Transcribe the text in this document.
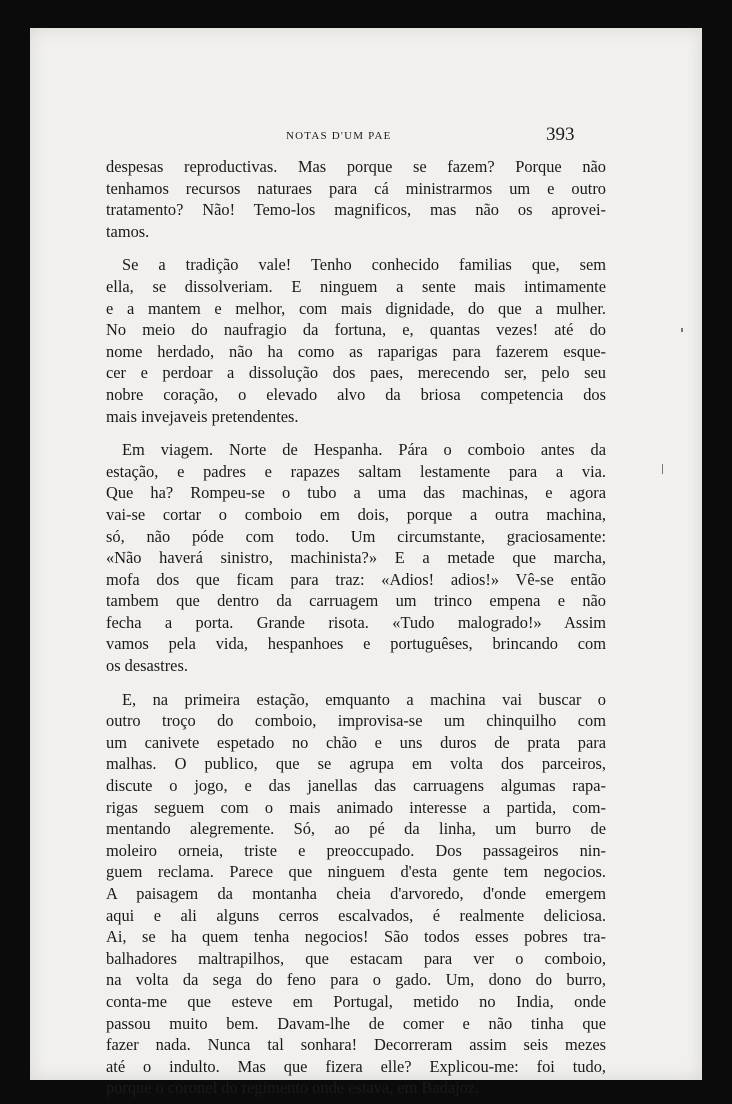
NOTAS D'UM PAE	393
despesas reproductivas. Mas porque se fazem? Porque não
tenhamos recursos naturaes para cá ministrarmos um e outro
tratamento? Não! Temo-los magnificos, mas não os aprovei-
tamos.
Se a tradição vale! Tenho conhecido familias que, sem
ella, se dissolveriam. E ninguem a sente mais intimamente
e a mantem e melhor, com mais dignidade, do que a mulher.
No meio do naufragio da fortuna, e, quantas vezes! até do
nome herdado, não ha como as raparigas para fazerem esque-
cer e perdoar a dissolução dos paes, merecendo ser, pelo seu
nobre coração, o elevado alvo da briosa competencia dos
mais invejaveis pretendentes.
Em viagem. Norte de Hespanha. Pára o comboio antes da
estação, e padres e rapazes saltam lestamente para a via.
Que ha? Rompeu-se o tubo a uma das machinas, e agora
vai-se cortar o comboio em dois, porque a outra machina,
só, não póde com todo. Um circumstante, graciosamente:
«Não haverá sinistro, machinista?» E a metade que marcha,
mofa dos que ficam para traz: «Adios! adios!» Vê-se então
tambem que dentro da carruagem um trinco empena e não
fecha a porta. Grande risota. «Tudo malogrado!» Assim
vamos pela vida, hespanhoes e portuguêses, brincando com
os desastres.
E, na primeira estação, emquanto a machina vai buscar o
outro troço do comboio, improvisa-se um chinquilho com
um canivete espetado no chão e uns duros de prata para
malhas. O publico, que se agrupa em volta dos parceiros,
discute o jogo, e das janellas das carruagens algumas rapa-
rigas seguem com o mais animado interesse a partida, com-
mentando alegremente. Só, ao pé da linha, um burro de
moleiro orneia, triste e preoccupado. Dos passageiros nin-
guem reclama. Parece que ninguem d'esta gente tem negocios.
A paisagem da montanha cheia d'arvoredo, d'onde emergem
aqui e ali alguns cerros escalvados, é realmente deliciosa.
Ai, se ha quem tenha negocios! São todos esses pobres tra-
balhadores maltrapilhos, que estacam para ver o comboio,
na volta da sega do feno para o gado. Um, dono do burro,
conta-me que esteve em Portugal, metido no India, onde
passou muito bem. Davam-lhe de comer e não tinha que
fazer nada. Nunca tal sonhara! Decorreram assim seis mezes
até o indulto. Mas que fizera elle? Explicou-me: foi tudo,
porque o coronel do regimento onde estava, em Badajoz,
